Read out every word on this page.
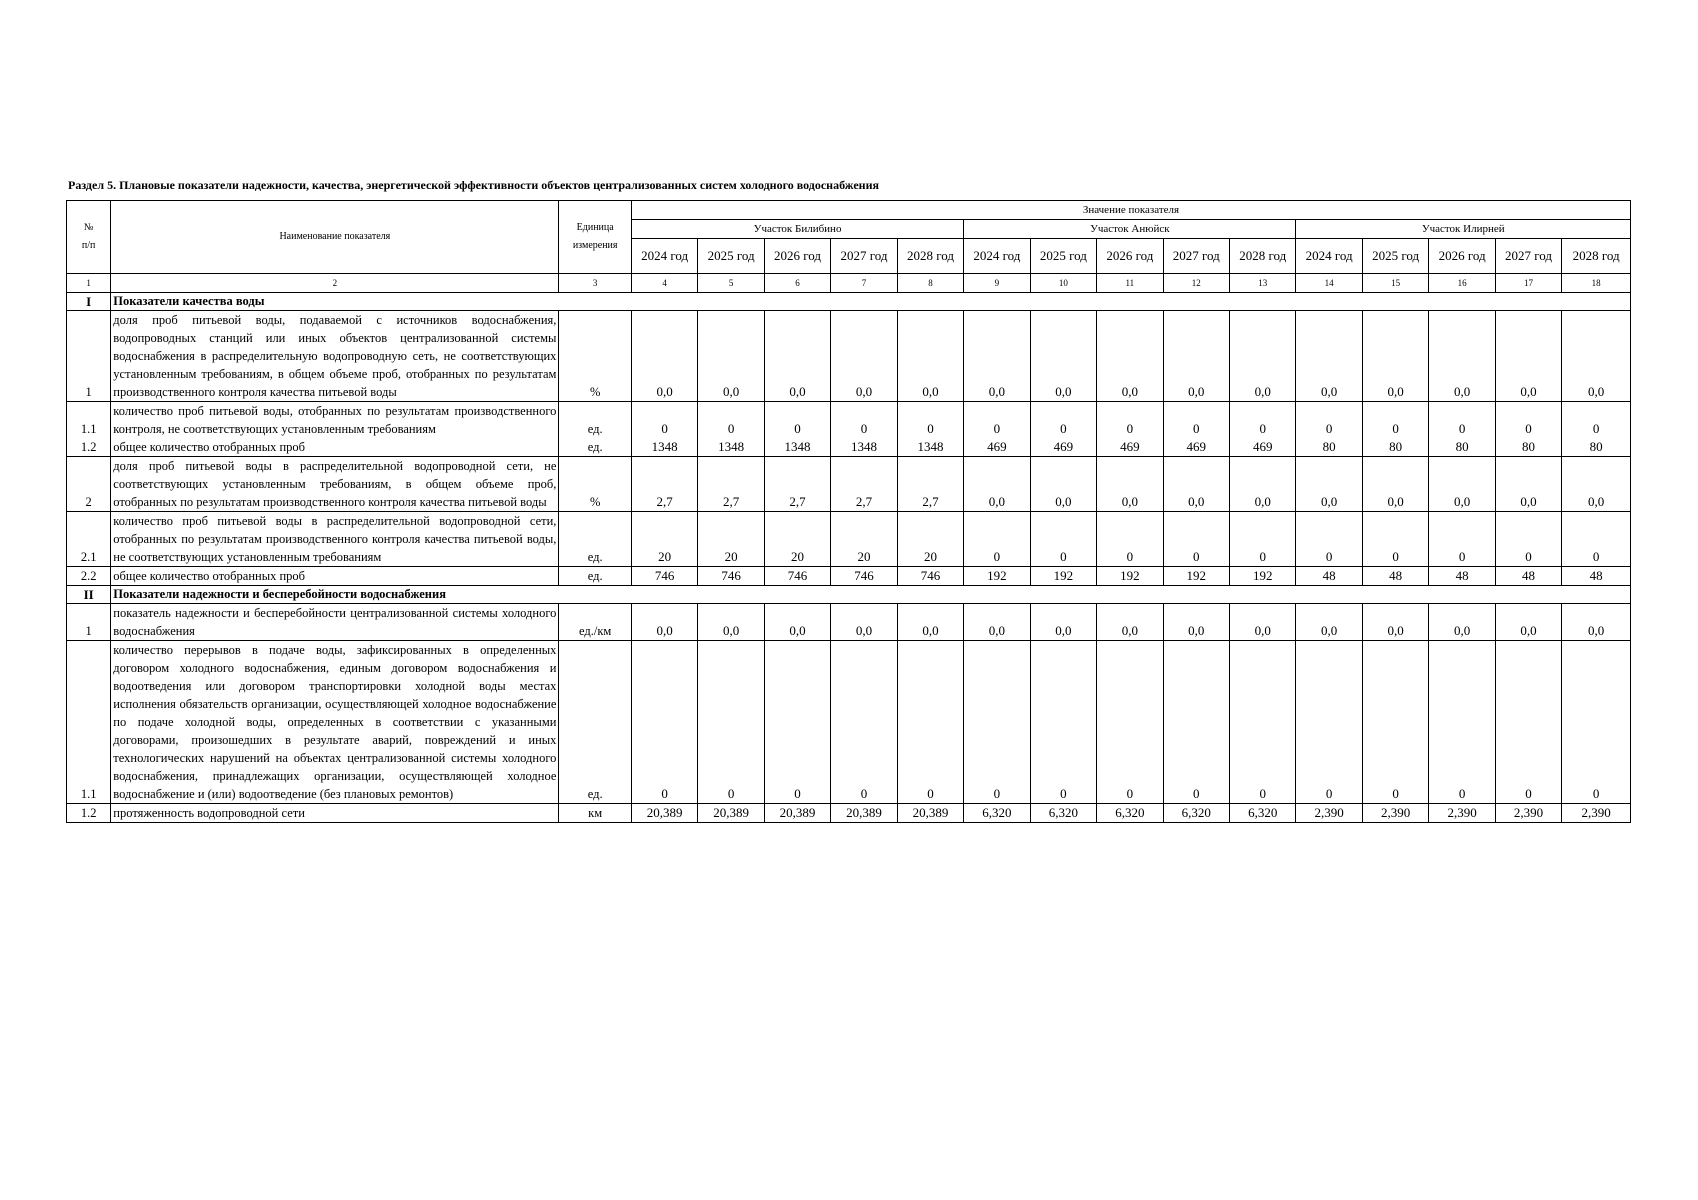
Раздел 5. Плановые показатели надежности, качества, энергетической эффективности объектов централизованных систем холодного водоснабжения
№
п/п	Наименование показателя	Единица измерения	Значение показателя														
			Участок Билибино					Участок Анюйск					Участок Илирней				
			2024 год	2025 год	2026 год	2027 год	2028 год	2024 год	2025 год	2026 год	2027 год	2028 год	2024 год	2025 год	2026 год	2027 год	2028 год
1	2	3	4	5	6	7	8	9	10	11	12	13	14	15	16	17	18
I	Показатели качества воды																
1	доля проб питьевой воды, подаваемой с источников водоснабжения, водопроводных станций или иных объектов централизованной системы водоснабжения в распределительную водопроводную сеть, не соответствующих установленным требованиям, в общем объеме проб, отобранных по результатам производственного контроля качества питьевой воды	%	0,0	0,0	0,0	0,0	0,0	0,0	0,0	0,0	0,0	0,0	0,0	0,0	0,0	0,0	0,0
1.1	количество проб питьевой воды, отобранных по результатам производственного контроля, не соответствующих установленным требованиям	ед.	0	0	0	0	0	0	0	0	0	0	0	0	0	0	0
1.2	общее количество отобранных проб	ед.	1348	1348	1348	1348	1348	469	469	469	469	469	80	80	80	80	80
2	доля проб питьевой воды в распределительной водопроводной сети, не соответствующих установленным требованиям, в общем объеме проб, отобранных по результатам производственного контроля качества питьевой воды	%	2,7	2,7	2,7	2,7	2,7	0,0	0,0	0,0	0,0	0,0	0,0	0,0	0,0	0,0	0,0
2.1	количество проб питьевой воды в распределительной водопроводной сети, отобранных по результатам производственного контроля качества питьевой воды, не соответствующих установленным требованиям	ед.	20	20	20	20	20	0	0	0	0	0	0	0	0	0	0
2.2	общее количество отобранных проб	ед.	746	746	746	746	746	192	192	192	192	192	48	48	48	48	48
II	Показатели надежности и бесперебойности водоснабжения																
1	показатель надежности и бесперебойности централизованной системы холодного водоснабжения	ед./км	0,0	0,0	0,0	0,0	0,0	0,0	0,0	0,0	0,0	0,0	0,0	0,0	0,0	0,0	0,0
1.1	количество перерывов в подаче воды, зафиксированных в определенных договором холодного водоснабжения, единым договором водоснабжения и водоотведения или договором транспортировки холодной воды местах исполнения обязательств организации, осуществляющей холодное водоснабжение по подаче холодной воды, определенных в соответствии с указанными договорами, произошедших в результате аварий, повреждений и иных технологических нарушений на объектах централизованной системы холодного водоснабжения, принадлежащих организации, осуществляющей холодное водоснабжение и (или) водоотведение (без плановых ремонтов)	ед.	0	0	0	0	0	0	0	0	0	0	0	0	0	0	0
1.2	протяженность водопроводной сети	км	20,389	20,389	20,389	20,389	20,389	6,320	6,320	6,320	6,320	6,320	2,390	2,390	2,390	2,390	2,390
